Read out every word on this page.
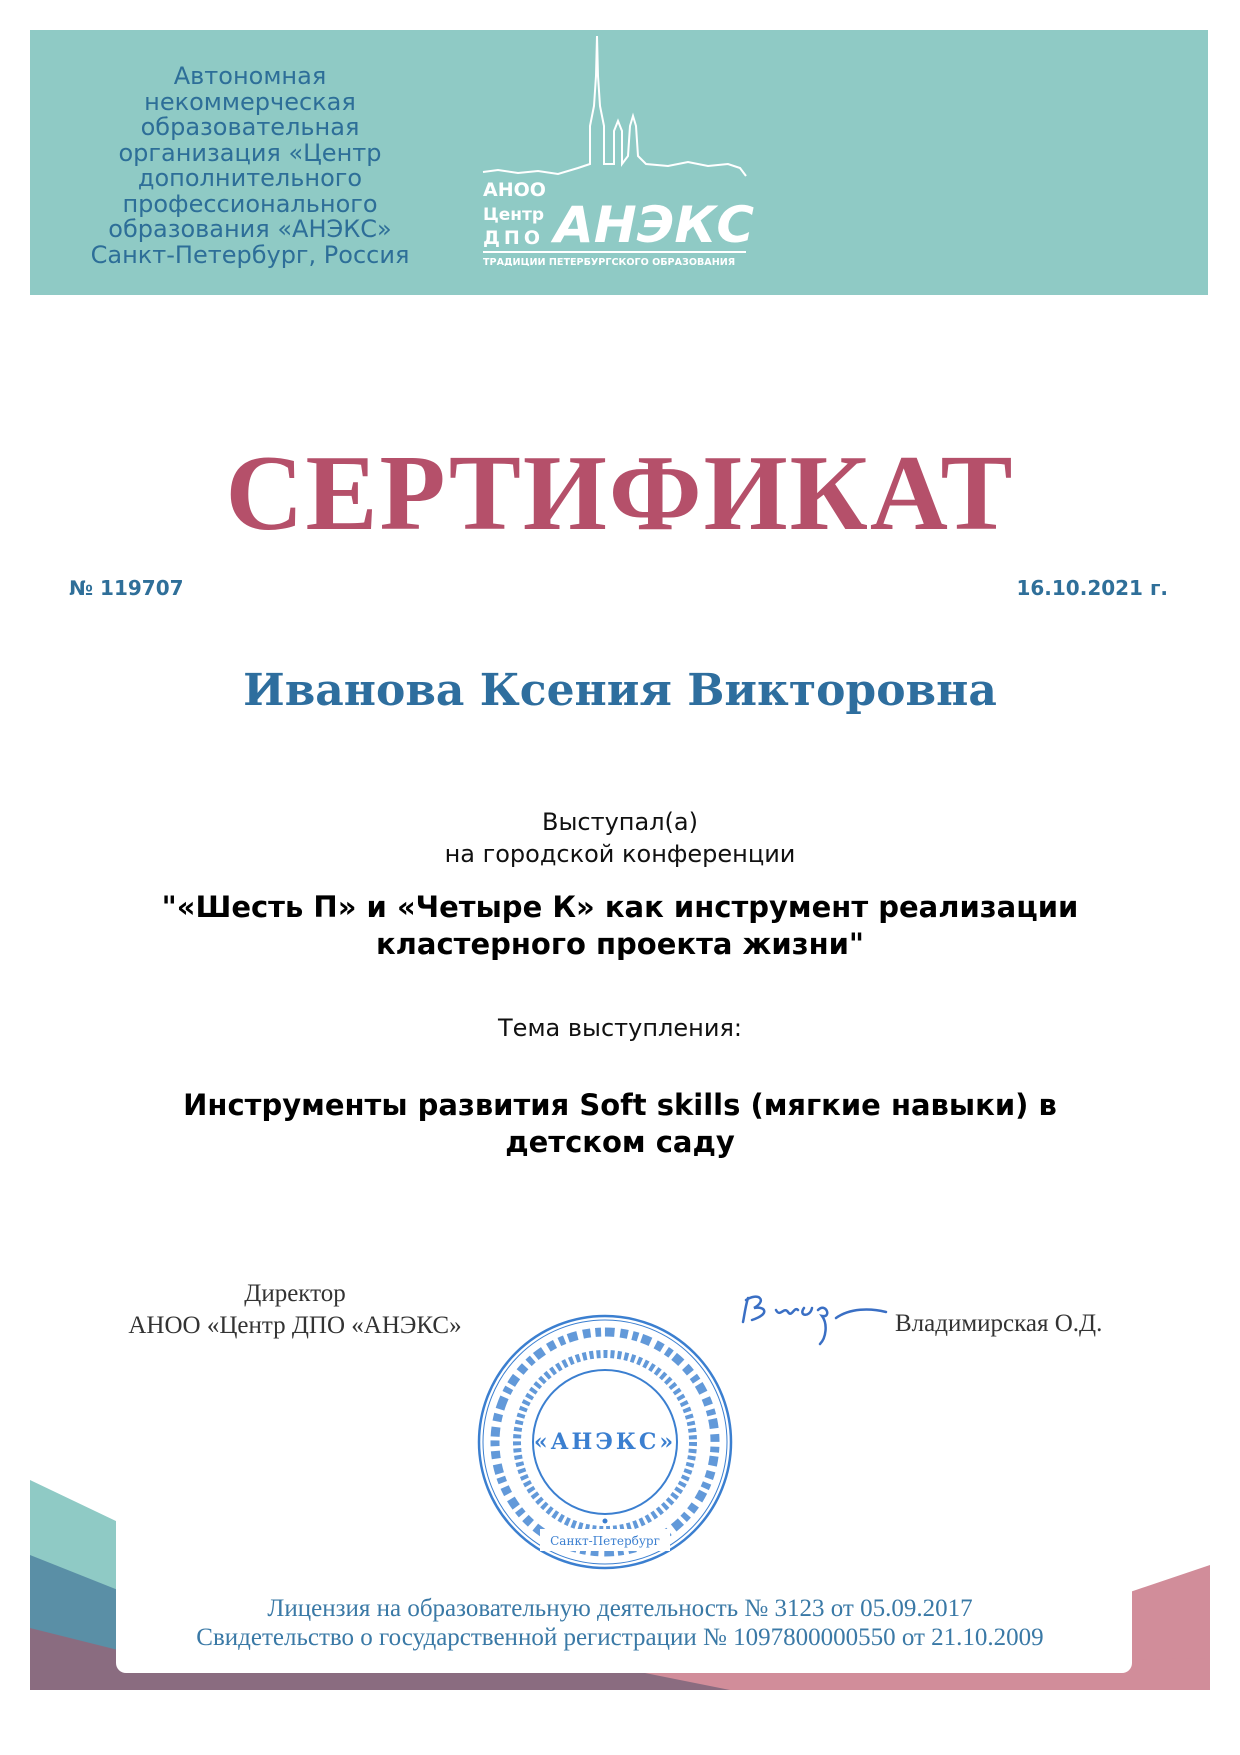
Автономная
некоммерческая
образовательная
организация «Центр
дополнительного
профессионального
образования «АНЭКС»
Санкт-Петербург, Россия
АНОО
Центр
ДПО АНЭКС
ТРАДИЦИИ ПЕТЕРБУРГСКОГО ОБРАЗОВАНИЯ
СЕРТИФИКАТ
№ 119707	16.10.2021 г.
Иванова Ксения Викторовна
Выступал(а)
на городской конференции
"«Шесть П» и «Четыре К» как инструмент реализации
кластерного проекта жизни"
Тема выступления:
Инструменты развития Soft skills (мягкие навыки) в
детском саду
Директор
АНОО «Центр ДПО «АНЭКС»	Владимирская О.Д.
«АНЭКС»
Санкт-Петербург
Лицензия на образовательную деятельность № 3123 от 05.09.2017
Свидетельство о государственной регистрации № 1097800000550 от 21.10.2009
